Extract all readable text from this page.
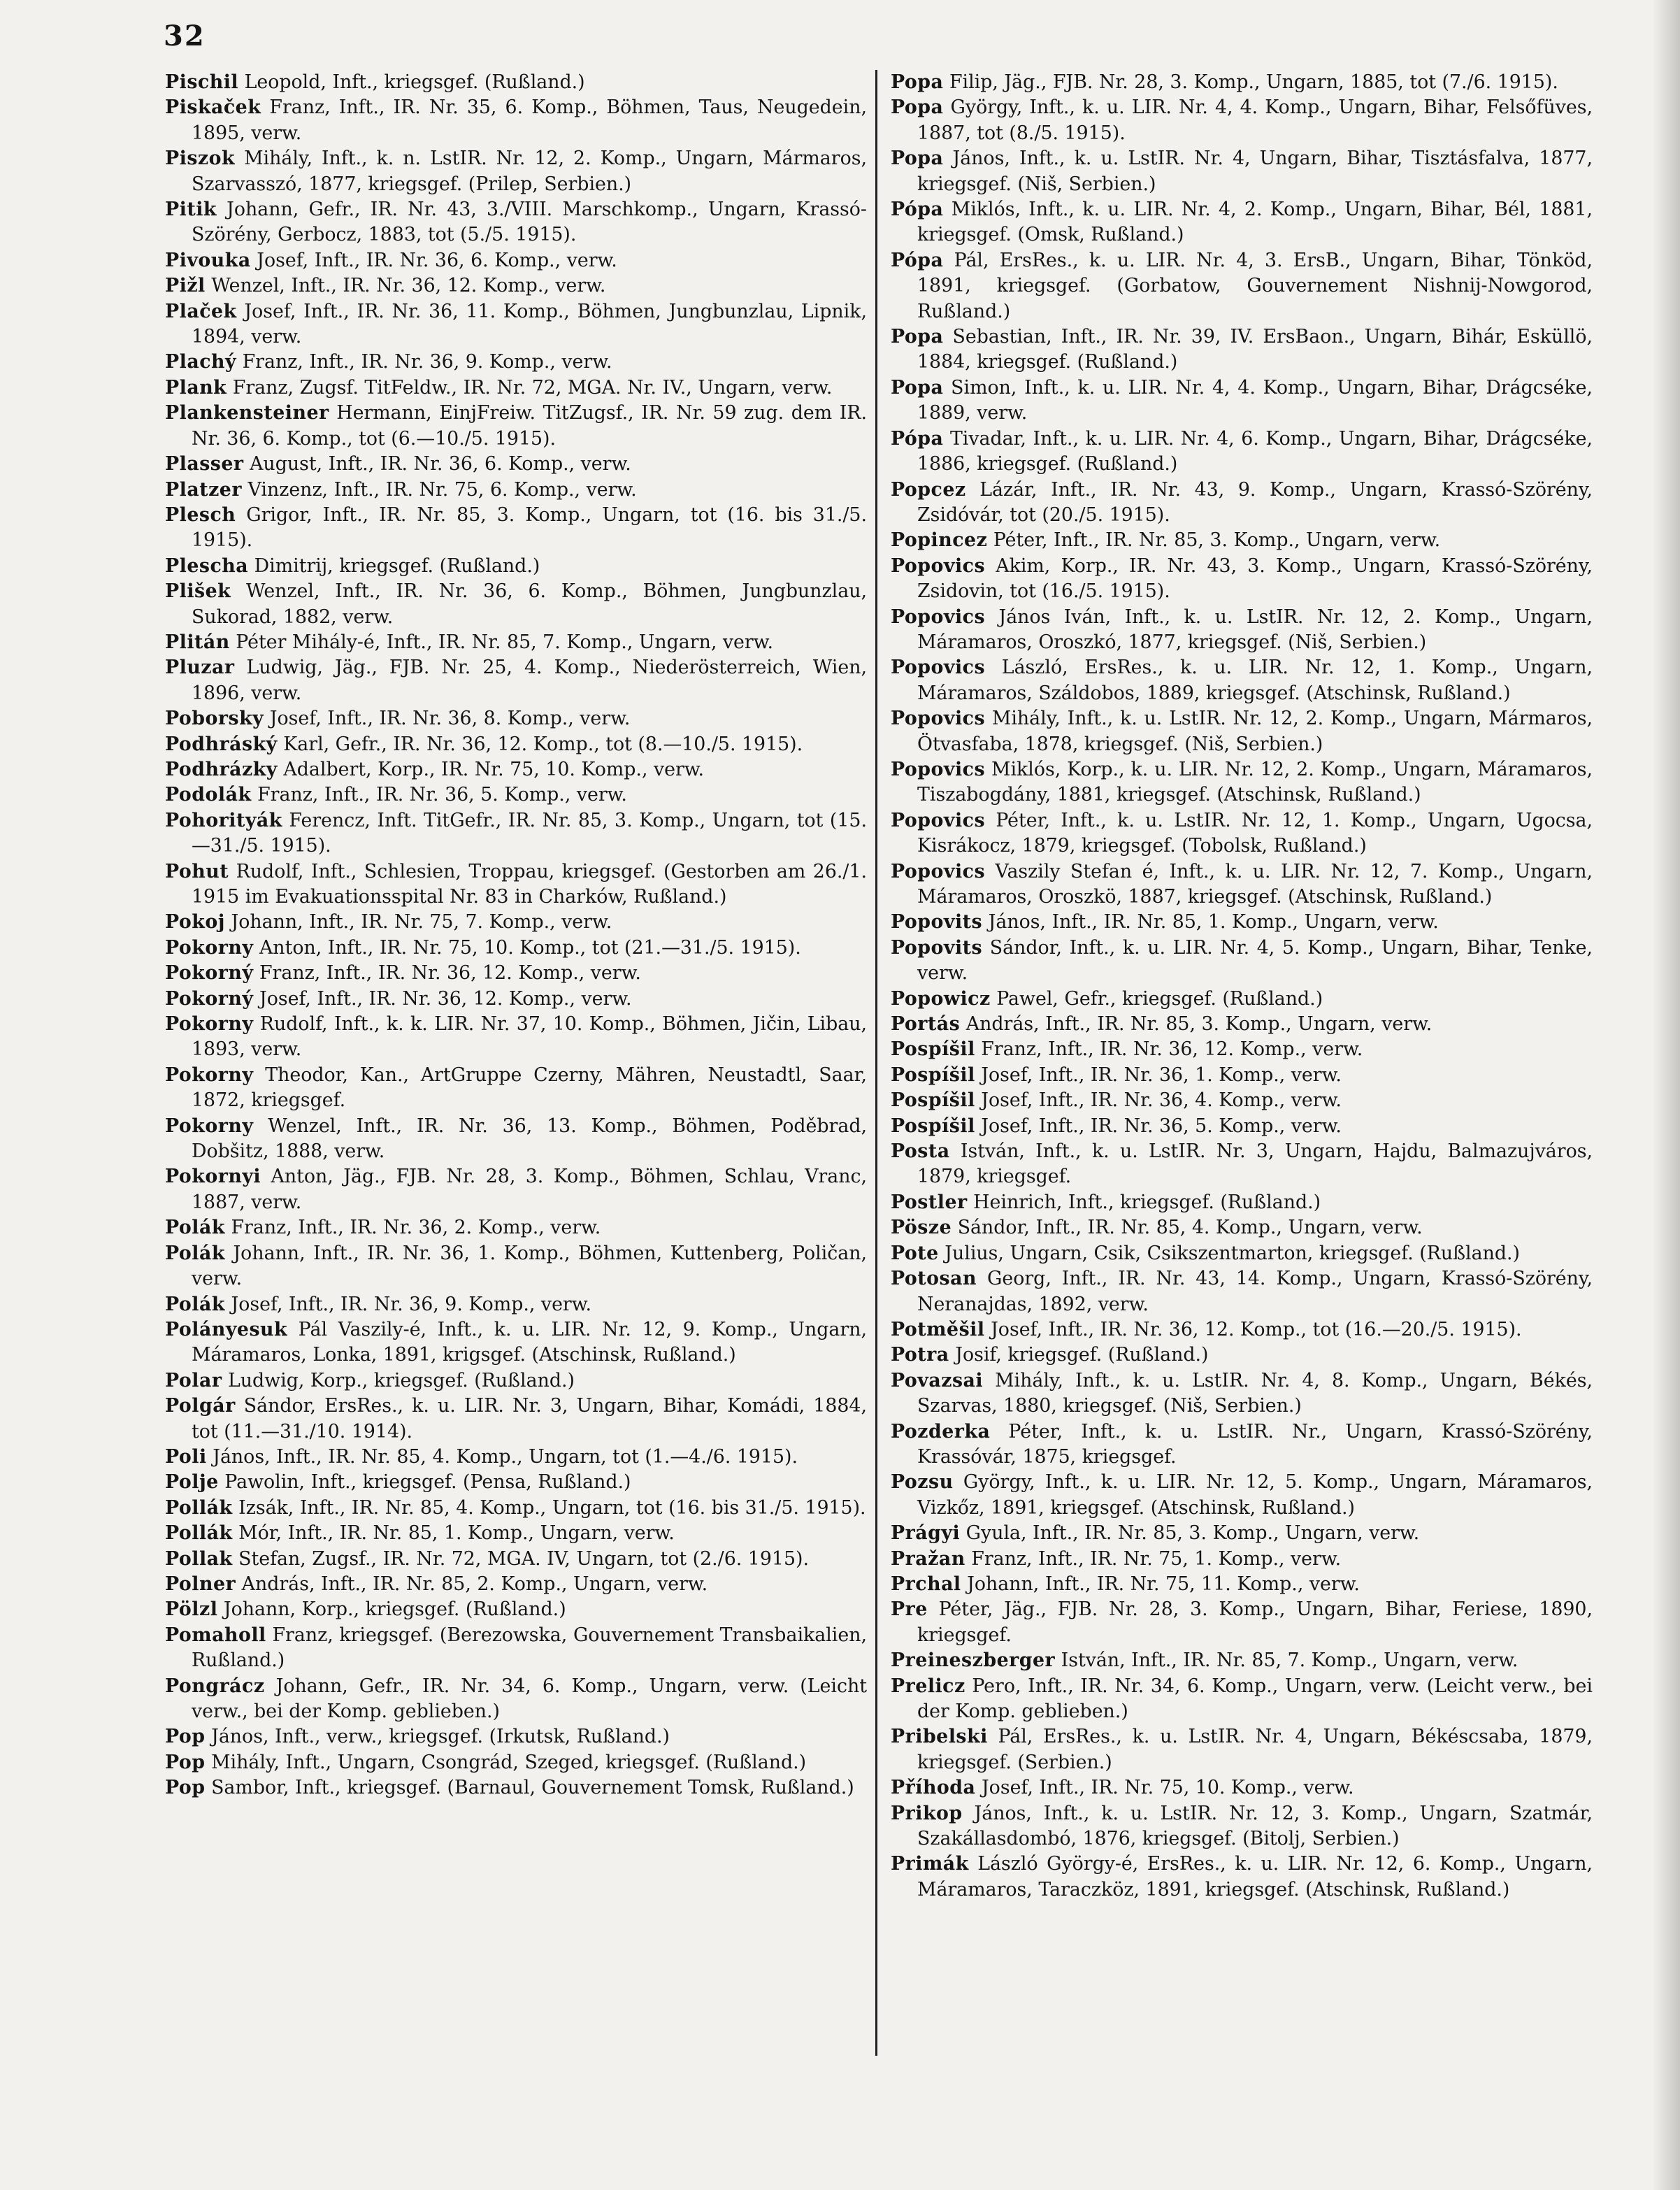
32

Pischil Leopold, Inft., kriegsgef. (Rußland.)

Piskaček Franz, Inft., IR. Nr. 35, 6. Komp., Böhmen, Taus, Neugedein, 1895, verw.

Piszok Mihály, Inft., k. n. LstIR. Nr. 12, 2. Komp., Ungarn, Mármaros, Szarvasszó, 1877, kriegsgef. (Prilep, Serbien.)

Pitik Johann, Gefr., IR. Nr. 43, 3./VIII. Marschkomp., Ungarn, Krassó-Szörény, Gerbocz, 1883, tot (5./5. 1915).

Pivouka Josef, Inft., IR. Nr. 36, 6. Komp., verw.

Pižl Wenzel, Inft., IR. Nr. 36, 12. Komp., verw.

Plaček Josef, Inft., IR. Nr. 36, 11. Komp., Böhmen, Jungbunzlau, Lipnik, 1894, verw.

Plachý Franz, Inft., IR. Nr. 36, 9. Komp., verw.

Plank Franz, Zugsf. TitFeldw., IR. Nr. 72, MGA. Nr. IV., Ungarn, verw.

Plankensteiner Hermann, EinjFreiw. TitZugsf., IR. Nr. 59 zug. dem IR. Nr. 36, 6. Komp., tot (6.—10./5. 1915).

Plasser August, Inft., IR. Nr. 36, 6. Komp., verw.

Platzer Vinzenz, Inft., IR. Nr. 75, 6. Komp., verw.

Plesch Grigor, Inft., IR. Nr. 85, 3. Komp., Ungarn, tot (16. bis 31./5. 1915).

Plescha Dimitrij, kriegsgef. (Rußland.)

Plišek Wenzel, Inft., IR. Nr. 36, 6. Komp., Böhmen, Jungbunzlau, Sukorad, 1882, verw.

Plitán Péter Mihály-é, Inft., IR. Nr. 85, 7. Komp., Ungarn, verw.

Pluzar Ludwig, Jäg., FJB. Nr. 25, 4. Komp., Niederösterreich, Wien, 1896, verw.

Poborsky Josef, Inft., IR. Nr. 36, 8. Komp., verw.

Podhráský Karl, Gefr., IR. Nr. 36, 12. Komp., tot (8.—10./5. 1915).

Podhrázky Adalbert, Korp., IR. Nr. 75, 10. Komp., verw.

Podolák Franz, Inft., IR. Nr. 36, 5. Komp., verw.

Pohorityák Ferencz, Inft. TitGefr., IR. Nr. 85, 3. Komp., Ungarn, tot (15.—31./5. 1915).

Pohut Rudolf, Inft., Schlesien, Troppau, kriegsgef. (Gestorben am 26./1. 1915 im Evakuationsspital Nr. 83 in Charków, Rußland.)

Pokoj Johann, Inft., IR. Nr. 75, 7. Komp., verw.

Pokorny Anton, Inft., IR. Nr. 75, 10. Komp., tot (21.—31./5. 1915).

Pokorný Franz, Inft., IR. Nr. 36, 12. Komp., verw.

Pokorný Josef, Inft., IR. Nr. 36, 12. Komp., verw.

Pokorny Rudolf, Inft., k. k. LIR. Nr. 37, 10. Komp., Böhmen, Jičin, Libau, 1893, verw.

Pokorny Theodor, Kan., ArtGruppe Czerny, Mähren, Neustadtl, Saar, 1872, kriegsgef.

Pokorny Wenzel, Inft., IR. Nr. 36, 13. Komp., Böhmen, Poděbrad, Dobšitz, 1888, verw.

Pokornyi Anton, Jäg., FJB. Nr. 28, 3. Komp., Böhmen, Schlau, Vranc, 1887, verw.

Polák Franz, Inft., IR. Nr. 36, 2. Komp., verw.

Polák Johann, Inft., IR. Nr. 36, 1. Komp., Böhmen, Kuttenberg, Poličan, verw.

Polák Josef, Inft., IR. Nr. 36, 9. Komp., verw.

Polányesuk Pál Vaszily-é, Inft., k. u. LIR. Nr. 12, 9. Komp., Ungarn, Máramaros, Lonka, 1891, krigsgef. (Atschinsk, Rußland.)

Polar Ludwig, Korp., kriegsgef. (Rußland.)

Polgár Sándor, ErsRes., k. u. LIR. Nr. 3, Ungarn, Bihar, Komádi, 1884, tot (11.—31./10. 1914).

Poli János, Inft., IR. Nr. 85, 4. Komp., Ungarn, tot (1.—4./6. 1915).

Polje Pawolin, Inft., kriegsgef. (Pensa, Rußland.)

Pollák Izsák, Inft., IR. Nr. 85, 4. Komp., Ungarn, tot (16. bis 31./5. 1915).

Pollák Mór, Inft., IR. Nr. 85, 1. Komp., Ungarn, verw.

Pollak Stefan, Zugsf., IR. Nr. 72, MGA. IV, Ungarn, tot (2./6. 1915).

Polner András, Inft., IR. Nr. 85, 2. Komp., Ungarn, verw.

Pölzl Johann, Korp., kriegsgef. (Rußland.)

Pomaholl Franz, kriegsgef. (Berezowska, Gouvernement Transbaikalien, Rußland.)

Pongrácz Johann, Gefr., IR. Nr. 34, 6. Komp., Ungarn, verw. (Leicht verw., bei der Komp. geblieben.)

Pop János, Inft., verw., kriegsgef. (Irkutsk, Rußland.)

Pop Mihály, Inft., Ungarn, Csongrád, Szeged, kriegsgef. (Rußland.)

Pop Sambor, Inft., kriegsgef. (Barnaul, Gouvernement Tomsk, Rußland.)

Popa Filip, Jäg., FJB. Nr. 28, 3. Komp., Ungarn, 1885, tot (7./6. 1915).

Popa György, Inft., k. u. LIR. Nr. 4, 4. Komp., Ungarn, Bihar, Felsőfüves, 1887, tot (8./5. 1915).

Popa János, Inft., k. u. LstIR. Nr. 4, Ungarn, Bihar, Tisztásfalva, 1877, kriegsgef. (Niš, Serbien.)

Pópa Miklós, Inft., k. u. LIR. Nr. 4, 2. Komp., Ungarn, Bihar, Bél, 1881, kriegsgef. (Omsk, Rußland.)

Pópa Pál, ErsRes., k. u. LIR. Nr. 4, 3. ErsB., Ungarn, Bihar, Tönköd, 1891, kriegsgef. (Gorbatow, Gouvernement Nishnij-Nowgorod, Rußland.)

Popa Sebastian, Inft., IR. Nr. 39, IV. ErsBaon., Ungarn, Bihár, Esküllö, 1884, kriegsgef. (Rußland.)

Popa Simon, Inft., k. u. LIR. Nr. 4, 4. Komp., Ungarn, Bihar, Drágcséke, 1889, verw.

Pópa Tivadar, Inft., k. u. LIR. Nr. 4, 6. Komp., Ungarn, Bihar, Drágcséke, 1886, kriegsgef. (Rußland.)

Popcez Lázár, Inft., IR. Nr. 43, 9. Komp., Ungarn, Krassó-Szörény, Zsidóvár, tot (20./5. 1915).

Popincez Péter, Inft., IR. Nr. 85, 3. Komp., Ungarn, verw.

Popovics Akim, Korp., IR. Nr. 43, 3. Komp., Ungarn, Krassó-Szörény, Zsidovin, tot (16./5. 1915).

Popovics János Iván, Inft., k. u. LstIR. Nr. 12, 2. Komp., Ungarn, Máramaros, Oroszkó, 1877, kriegsgef. (Niš, Serbien.)

Popovics László, ErsRes., k. u. LIR. Nr. 12, 1. Komp., Ungarn, Máramaros, Száldobos, 1889, kriegsgef. (Atschinsk, Rußland.)

Popovics Mihály, Inft., k. u. LstIR. Nr. 12, 2. Komp., Ungarn, Mármaros, Ötvasfaba, 1878, kriegsgef. (Niš, Serbien.)

Popovics Miklós, Korp., k. u. LIR. Nr. 12, 2. Komp., Ungarn, Máramaros, Tiszabogdány, 1881, kriegsgef. (Atschinsk, Rußland.)

Popovics Péter, Inft., k. u. LstIR. Nr. 12, 1. Komp., Ungarn, Ugocsa, Kisrákocz, 1879, kriegsgef. (Tobolsk, Rußland.)

Popovics Vaszily Stefan é, Inft., k. u. LIR. Nr. 12, 7. Komp., Ungarn, Máramaros, Oroszkö, 1887, kriegsgef. (Atschinsk, Rußland.)

Popovits János, Inft., IR. Nr. 85, 1. Komp., Ungarn, verw.

Popovits Sándor, Inft., k. u. LIR. Nr. 4, 5. Komp., Ungarn, Bihar, Tenke, verw.

Popowicz Pawel, Gefr., kriegsgef. (Rußland.)

Portás András, Inft., IR. Nr. 85, 3. Komp., Ungarn, verw.

Pospíšil Franz, Inft., IR. Nr. 36, 12. Komp., verw.

Pospíšil Josef, Inft., IR. Nr. 36, 1. Komp., verw.

Pospíšil Josef, Inft., IR. Nr. 36, 4. Komp., verw.

Pospíšil Josef, Inft., IR. Nr. 36, 5. Komp., verw.

Posta István, Inft., k. u. LstIR. Nr. 3, Ungarn, Hajdu, Balmazujváros, 1879, kriegsgef.

Postler Heinrich, Inft., kriegsgef. (Rußland.)

Pösze Sándor, Inft., IR. Nr. 85, 4. Komp., Ungarn, verw.

Pote Julius, Ungarn, Csik, Csikszentmarton, kriegsgef. (Rußland.)

Potosan Georg, Inft., IR. Nr. 43, 14. Komp., Ungarn, Krassó-Szörény, Neranajdas, 1892, verw.

Potměšil Josef, Inft., IR. Nr. 36, 12. Komp., tot (16.—20./5. 1915).

Potra Josif, kriegsgef. (Rußland.)

Povazsai Mihály, Inft., k. u. LstIR. Nr. 4, 8. Komp., Ungarn, Békés, Szarvas, 1880, kriegsgef. (Niš, Serbien.)

Pozderka Péter, Inft., k. u. LstIR. Nr., Ungarn, Krassó-Szörény, Krassóvár, 1875, kriegsgef.

Pozsu György, Inft., k. u. LIR. Nr. 12, 5. Komp., Ungarn, Máramaros, Vizkőz, 1891, kriegsgef. (Atschinsk, Rußland.)

Prágyi Gyula, Inft., IR. Nr. 85, 3. Komp., Ungarn, verw.

Pražan Franz, Inft., IR. Nr. 75, 1. Komp., verw.

Prchal Johann, Inft., IR. Nr. 75, 11. Komp., verw.

Pre Péter, Jäg., FJB. Nr. 28, 3. Komp., Ungarn, Bihar, Feriese, 1890, kriegsgef.

Preineszberger István, Inft., IR. Nr. 85, 7. Komp., Ungarn, verw.

Prelicz Pero, Inft., IR. Nr. 34, 6. Komp., Ungarn, verw. (Leicht verw., bei der Komp. geblieben.)

Pribelski Pál, ErsRes., k. u. LstIR. Nr. 4, Ungarn, Békéscsaba, 1879, kriegsgef. (Serbien.)

Příhoda Josef, Inft., IR. Nr. 75, 10. Komp., verw.

Prikop János, Inft., k. u. LstIR. Nr. 12, 3. Komp., Ungarn, Szatmár, Szakállasdombó, 1876, kriegsgef. (Bitolj, Serbien.)

Primák László György-é, ErsRes., k. u. LIR. Nr. 12, 6. Komp., Ungarn, Máramaros, Taraczköz, 1891, kriegsgef. (Atschinsk, Rußland.)
